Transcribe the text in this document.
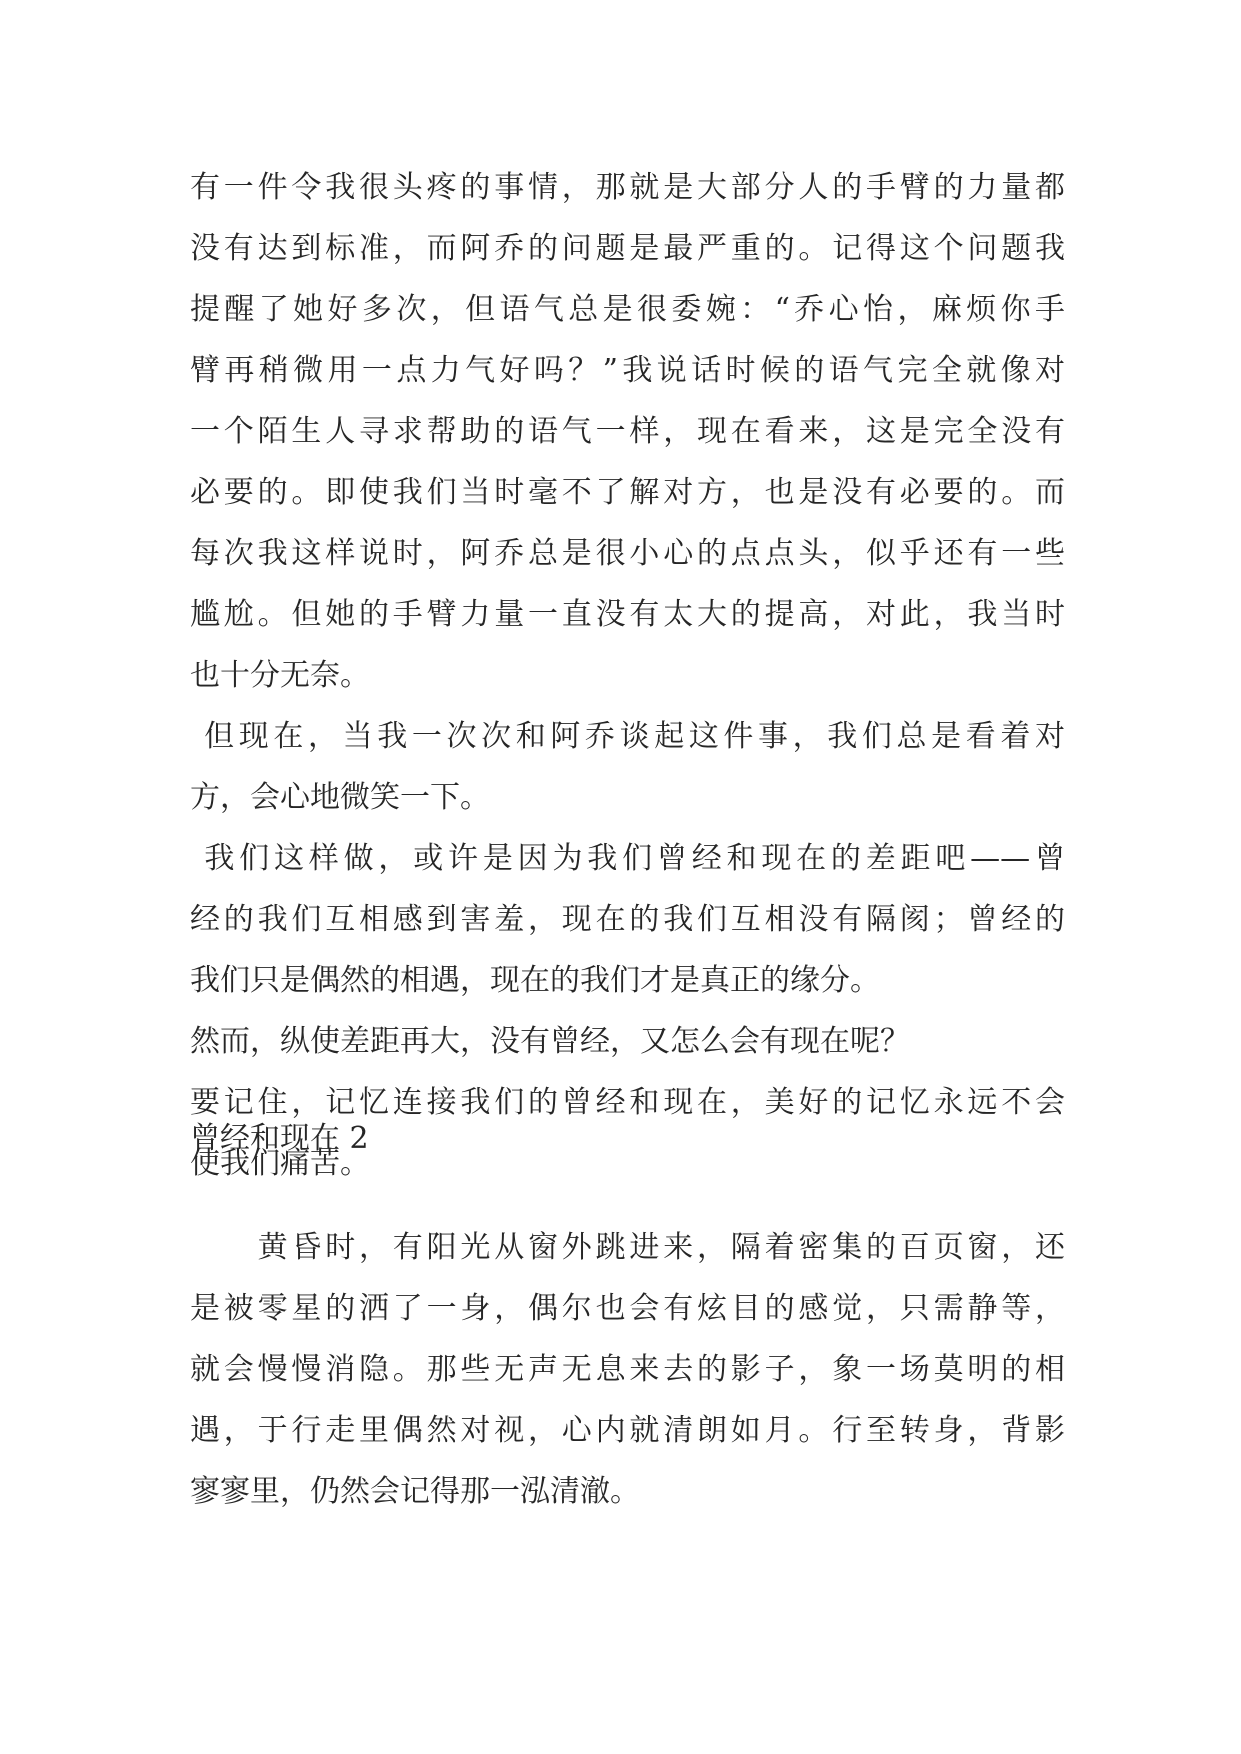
有一件令我很头疼的事情，那就是大部分人的手臂的力量都

没有达到标准，而阿乔的问题是最严重的。记得这个问题我

提醒了她好多次，但语气总是很委婉：“乔心怡，麻烦你手

臂再稍微用一点力气好吗？”我说话时候的语气完全就像对

一个陌生人寻求帮助的语气一样，现在看来，这是完全没有

必要的。即使我们当时毫不了解对方，也是没有必要的。而

每次我这样说时，阿乔总是很小心的点点头，似乎还有一些

尴尬。但她的手臂力量一直没有太大的提高，对此，我当时

也十分无奈。

但现在，当我一次次和阿乔谈起这件事，我们总是看着对

方，会心地微笑一下。

我们这样做，或许是因为我们曾经和现在的差距吧——曾

经的我们互相感到害羞，现在的我们互相没有隔阂；曾经的

我们只是偶然的相遇，现在的我们才是真正的缘分。

然而，纵使差距再大，没有曾经，又怎么会有现在呢？

要记住，记忆连接我们的曾经和现在，美好的记忆永远不会

使我们痛苦。

曾经和现在 2

　　黄昏时，有阳光从窗外跳进来，隔着密集的百页窗，还

是被零星的洒了一身，偶尔也会有炫目的感觉，只需静等，

就会慢慢消隐。那些无声无息来去的影子，象一场莫明的相

遇，于行走里偶然对视，心内就清朗如月。行至转身，背影

寥寥里，仍然会记得那一泓清澈。
